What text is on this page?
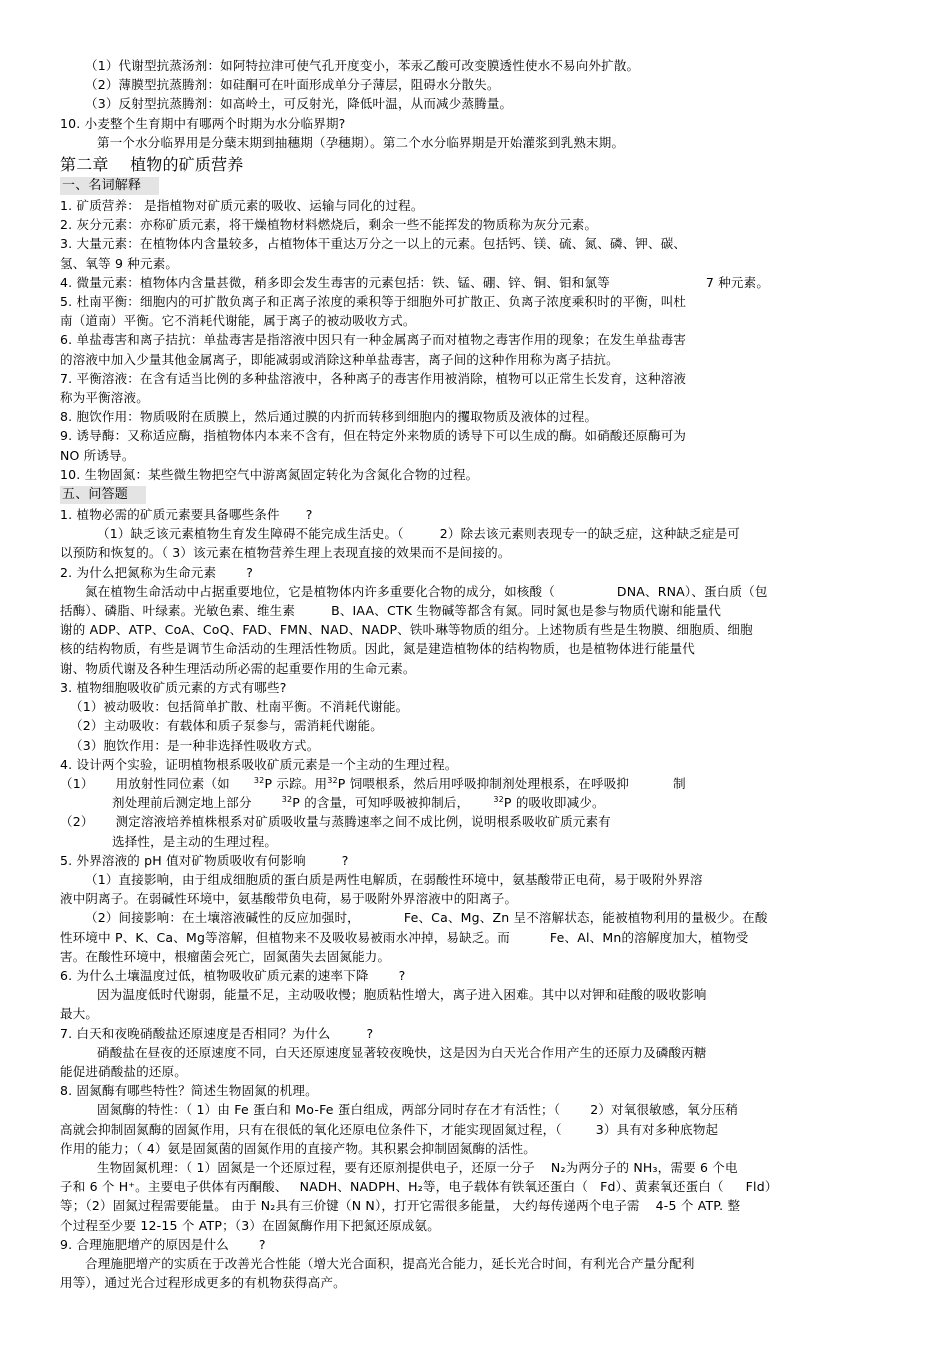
（1）代谢型抗蒸汤剂：如阿特拉津可使气孔开度变小，苯汞乙酸可改变膜透性使水不易向外扩散。

（2）薄膜型抗蒸腾剂：如硅酮可在叶面形成单分子薄层，阻碍水分散失。

（3）反射型抗蒸腾剂：如高岭土，可反射光，降低叶温，从而减少蒸腾量。

10. 小麦整个生育期中有哪两个时期为水分临界期?

第一个水分临界用是分蘖末期到抽穗期（孕穗期）。第二个水分临界期是开始灌浆到乳熟末期。

第二章　 植物的矿质营养

一、名词解释

1. 矿质营养： 是指植物对矿质元素的吸收、运输与同化的过程。

2. 灰分元素：亦称矿质元素，将干燥植物材料燃烧后，剩余一些不能挥发的物质称为灰分元素。

3. 大量元素：在植物体内含量较多，占植物体干重达万分之一以上的元素。包括钙、镁、硫、氮、磷、钾、碳、

氢、氧等 9 种元素。

4. 微量元素：植物体内含量甚微，稍多即会发生毒害的元素包括：铁、锰、硼、锌、铜、钼和氯等	7 种元素。

5. 杜南平衡：细胞内的可扩散负离子和正离子浓度的乘积等于细胞外可扩散正、负离子浓度乘积时的平衡，叫杜

南（道南）平衡。它不消耗代谢能，属于离子的被动吸收方式。

6. 单盐毒害和离子拮抗：单盐毒害是指溶液中因只有一种金属离子而对植物之毒害作用的现象；在发生单盐毒害

的溶液中加入少量其他金属离子，即能减弱或消除这种单盐毒害，离子间的这种作用称为离子拮抗。

7. 平衡溶液：在含有适当比例的多种盐溶液中，各种离子的毒害作用被消除，植物可以正常生长发育，这种溶液

称为平衡溶液。

8. 胞饮作用：物质吸附在质膜上，然后通过膜的内折而转移到细胞内的攫取物质及液体的过程。

9. 诱导酶：又称适应酶，指植物体内本来不含有，但在特定外来物质的诱导下可以生成的酶。如硝酸还原酶可为

NO 所诱导。

10. 生物固氮：某些微生物把空气中游离氮固定转化为含氮化合物的过程。

五、问答题

1. 植物必需的矿质元素要具备哪些条件 ?

（1）缺乏该元素植物生育发生障碍不能完成生活史。（	2）除去该元素则表现专一的缺乏症，这种缺乏症是可

以预防和恢复的。（ 3）该元素在植物营养生理上表现直接的效果而不是间接的。

2. 为什么把氮称为生命元素 ?

氮在植物生命活动中占据重要地位，它是植物体内许多重要化合物的成分，如核酸（	DNA、RNA）、蛋白质（包

括酶）、磷脂、叶绿素。光敏色素、维生素	B、IAA、CTK 生物碱等都含有氮。同时氮也是参与物质代谢和能量代

谢的 ADP、ATP、CoA、CoQ、FAD、FMN、NAD、NADP、铁卟琳等物质的组分。上述物质有些是生物膜、细胞质、细胞

核的结构物质，有些是调节生命活动的生理活性物质。因此，氮是建造植物体的结构物质，也是植物体进行能量代

谢、物质代谢及各种生理活动所必需的起重要作用的生命元素。

3. 植物细胞吸收矿质元素的方式有哪些?

（1）被动吸收：包括简单扩散、杜南平衡。不消耗代谢能。

（2）主动吸收：有载体和质子泵参与，需消耗代谢能。

（3）胞饮作用：是一种非选择性吸收方式。

4. 设计两个实验，证明植物根系吸收矿质元素是一个主动的生理过程。

（1） 用放射性同位素（如	$^{32}$P 示踪。用$^{32}$P 饲喂根系，然后用呼吸抑制剂处理根系，在呼吸抑	制

剂处理前后测定地上部分	$^{32}$P 的含量，可知呼吸被抑制后，	$^{32}$P 的吸收即减少。

（2） 测定溶液培养植株根系对矿质吸收量与蒸腾速率之间不成比例，说明根系吸收矿质元素有

选择性，是主动的生理过程。

5. 外界溶液的 pH 值对矿物质吸收有何影响	?

（1）直接影响，由于组成细胞质的蛋白质是两性电解质，在弱酸性环境中，氨基酸带正电荷，易于吸附外界溶

液中阴离子。在弱碱性环境中，氨基酸带负电荷，易于吸附外界溶液中的阳离子。

（2）间接影响：在土壤溶液碱性的反应加强时，	Fe、Ca、Mg、Zn 呈不溶解状态，能被植物利用的量极少。在酸

性环境中 P、K、Ca、Mg等溶解，但植物来不及吸收易被雨水冲掉，易缺乏。而	Fe、Al、Mn的溶解度加大，植物受

害。在酸性环境中，根瘤菌会死亡，固氮菌失去固氮能力。

6. 为什么土壤温度过低，植物吸收矿质元素的速率下降 ?

因为温度低时代谢弱，能量不足，主动吸收慢；胞质粘性增大，离子进入困难。其中以对钾和硅酸的吸收影响

最大。

7. 白天和夜晚硝酸盐还原速度是否相同？为什么	?

硝酸盐在昼夜的还原速度不同，白天还原速度显著较夜晚快，这是因为白天光合作用产生的还原力及磷酸丙糖

能促进硝酸盐的还原。

8. 固氮酶有哪些特性？简述生物固氮的机理。

固氮酶的特性：（ 1）由 Fe 蛋白和 Mo-Fe 蛋白组成，两部分同时存在才有活性；（ 2）对氧很敏感，氧分压稍

高就会抑制固氮酶的固氮作用，只有在很低的氧化还原电位条件下，才能实现固氮过程，（	3）具有对多种底物起

作用的能力；（ 4）氨是固氮菌的固氮作用的直接产物。其积累会抑制固氮酶的活性。

生物固氮机理：（ 1）固氮是一个还原过程，要有还原剂提供电子，还原一分子 N₂为两分子的 NH₃，需要 6 个电

子和 6 个 H⁺。主要电子供体有丙酮酸、 NADH、NADPH、H₂等，电子载体有铁氧还蛋白（ Fd）、黄素氧还蛋白（ Fld）

等；（2）固氮过程需要能量。 由于 N₂具有三价键（N N），打开它需很多能量， 大约每传递两个电子需 4-5 个 ATP. 整

个过程至少要 12-15 个 ATP；（3）在固氮酶作用下把氮还原成氨。

9. 合理施肥增产的原因是什么 ?

合理施肥增产的实质在于改善光合性能（增大光合面积，提高光合能力，延长光合时间，有利光合产量分配利

用等），通过光合过程形成更多的有机物获得高产。
